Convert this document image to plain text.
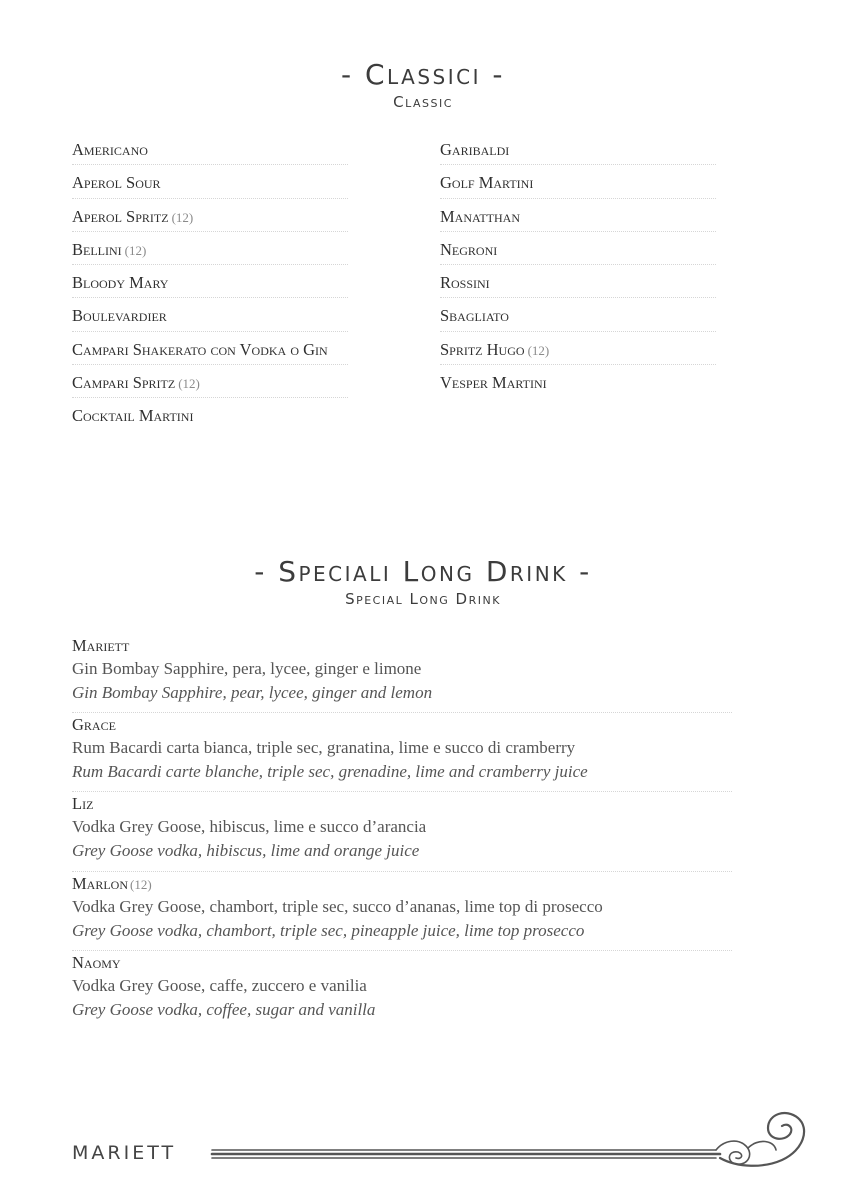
- Classici -
Classic
Americano
Aperol Sour
Aperol Spritz (12)
Bellini (12)
Bloody Mary
Boulevardier
Campari Shakerato con Vodka o Gin
Campari Spritz (12)
Cocktail Martini
Garibaldi
Golf Martini
Manatthan
Negroni
Rossini
Sbagliato
Spritz Hugo (12)
Vesper Martini
- Speciali Long Drink -
Special Long Drink
Mariett
Gin Bombay Sapphire, pera, lycee, ginger e limone
Gin Bombay Sapphire, pear, lycee, ginger and lemon
Grace
Rum Bacardi carta bianca, triple sec, granatina, lime e succo di cramberry
Rum Bacardi carte blanche, triple sec, grenadine, lime and cramberry juice
Liz
Vodka Grey Goose, hibiscus, lime e succo d’arancia
Grey Goose vodka, hibiscus, lime and orange juice
Marlon (12)
Vodka Grey Goose, chambort, triple sec, succo d’ananas, lime top di prosecco
Grey Goose vodka, chambort, triple sec, pineapple juice, lime top prosecco
Naomy
Vodka Grey Goose, caffe, zuccero e vanilia
Grey Goose vodka, coffee, sugar and vanilla
MARIETT
